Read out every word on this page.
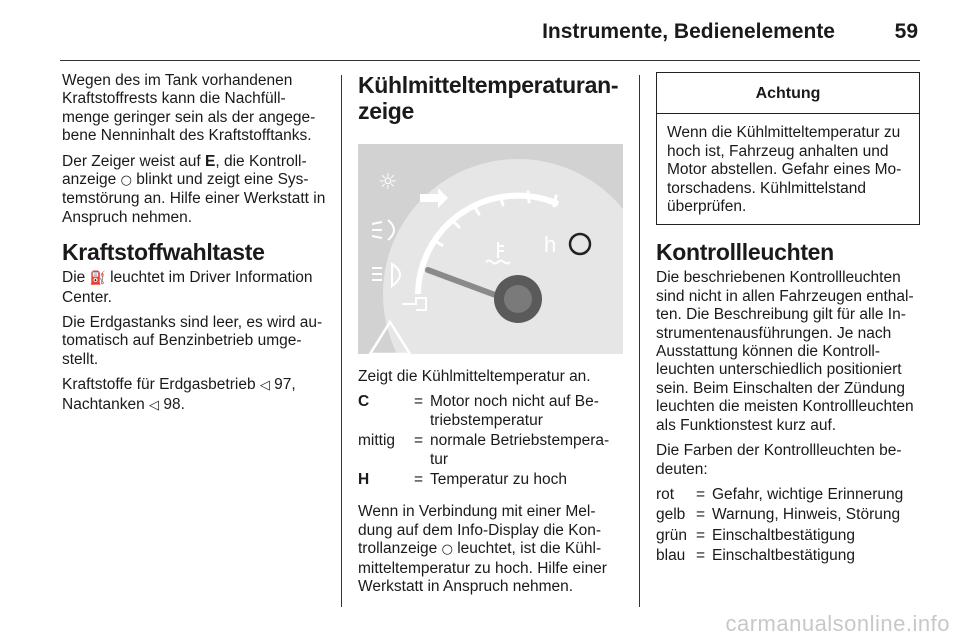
Instrumente, Bedienelemente	59

Wegen des im Tank vorhandenen Kraftstoffrests kann die Nachfüll-menge geringer sein als der angege-bene Nenninhalt des Kraftstofftanks.

Der Zeiger weist auf E, die Kontroll-anzeige ○ blinkt und zeigt eine Sys-temstörung an. Hilfe einer Werkstatt in Anspruch nehmen.

Kraftstoffwahltaste

Die ⛽ leuchtet im Driver Information Center.

Die Erdgastanks sind leer, es wird au-tomatisch auf Benzinbetrieb umge-stellt.

Kraftstoffe für Erdgasbetrieb ◁ 97, Nachtanken ◁ 98.

Kühlmitteltemperaturan-zeige
h
☼

Zeigt die Kühlmitteltemperatur an.

C	=	Motor noch nicht auf Be-triebstemperatur
mittig	=	normale Betriebstempera-tur
H	=	Temperatur zu hoch

Wenn in Verbindung mit einer Mel-dung auf dem Info-Display die Kon-trollanzeige ○ leuchtet, ist die Kühl-mitteltemperatur zu hoch. Hilfe einer Werkstatt in Anspruch nehmen.

Achtung
Wenn die Kühlmitteltemperatur zu hoch ist, Fahrzeug anhalten und Motor abstellen. Gefahr eines Mo-torschadens. Kühlmittelstand überprüfen.
Kontrollleuchten

Die beschriebenen Kontrollleuchten sind nicht in allen Fahrzeugen enthal-ten. Die Beschreibung gilt für alle In-strumentenausführungen. Je nach Ausstattung können die Kontroll-leuchten unterschiedlich positioniert sein. Beim Einschalten der Zündung leuchten die meisten Kontrollleuchten als Funktionstest kurz auf.

Die Farben der Kontrollleuchten be-deuten:

rot	=	Gefahr, wichtige Erinnerung
gelb	=	Warnung, Hinweis, Störung
grün	=	Einschaltbestätigung
blau	=	Einschaltbestätigung
carmanualsonline.info
